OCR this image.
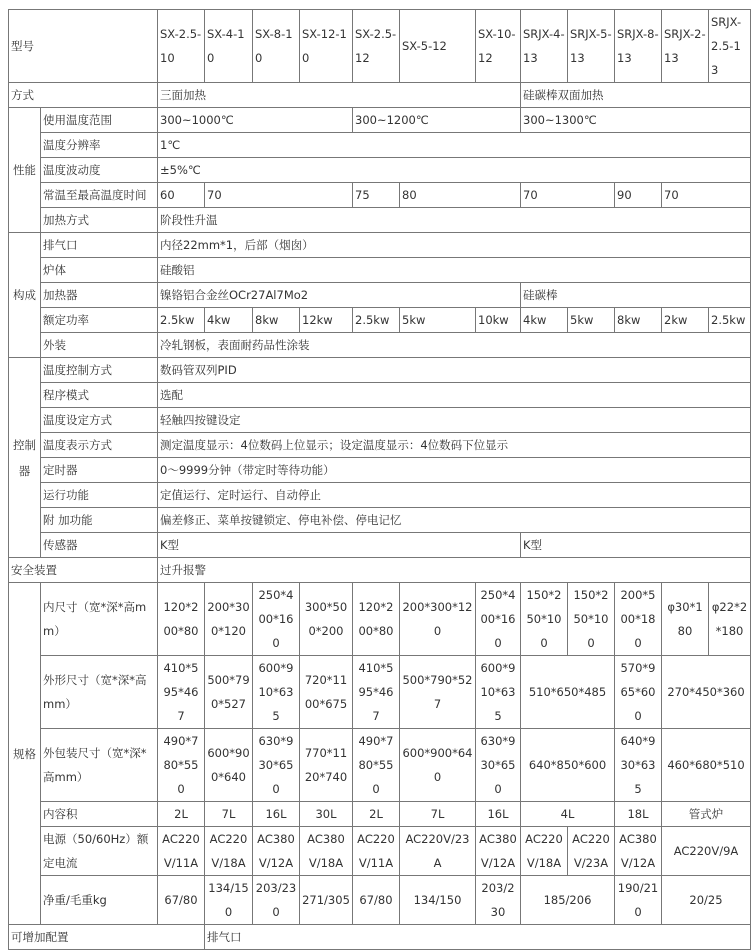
型号		SX-2.5-10	SX-4-10	SX-8-10	SX-12-10	SX-2.5-12	SX-5-12	SX-10-12	SRJX-4-13	SRJX-5-13	SRJX-8-13	SRJX-2-13	SRJX-2.5-13
方式		三面加热							硅碳棒双面加热				
性能	使用温度范围	300~1000℃				300~1200℃			300~1300℃				
	温度分辨率	1℃											
	温度波动度	±5%℃											
	常温至最高温度时间	60	70			75	80		70		90	70	
	加热方式	阶段性升温											
构成	排气口	内径22mm*1，后部（烟囱）											
	炉体	硅酸铝											
	加热器	镍铬铝合金丝OCr27Al7Mo2							硅碳棒				
	额定功率	2.5kw	4kw	8kw	12kw	2.5kw	5kw	10kw	4kw	5kw	8kw	2kw	2.5kw
	外装	冷轧钢板，表面耐药品性涂装											
控制器	温度控制方式	数码管双列PID											
	程序模式	选配											
	温度设定方式	轻触四按键设定											
	温度表示方式	测定温度显示：4位数码上位显示；设定温度显示：4位数码下位显示											
	定时器	0～9999分钟（带定时等待功能）											
	运行功能	定值运行、定时运行、自动停止											
	附 加功能	偏差修正、菜单按键锁定、停电补偿、停电记忆											
	传感器	K型							K型				
安全装置		过升报警											
规格	内尺寸（宽*深*高mm）	120*200*80	200*300*120	250*400*160	300*500*200	120*200*80	200*300*120	250*400*160	150*250*100	150*250*100	200*500*180	φ30*180	φ22*2*180
	外形尺寸（宽*深*高mm）	410*595*467	500*790*527	600*910*635	720*1100*675	410*595*467	500*790*527	600*910*635	510*650*485		570*965*600	270*450*360	
	外包装尺寸（宽*深*高mm）	490*780*550	600*900*640	630*930*650	770*1120*740	490*780*550	600*900*640	630*930*650	640*850*600		640*930*635	460*680*510	
	内容积	2L	7L	16L	30L	2L	7L	16L	4L		18L	管式炉	
	电源（50/60Hz）额定电流	AC220V/11A	AC220V/18A	AC380V/12A	AC380V/18A	AC220V/11A	AC220V/23A	AC380V/12A	AC220V/18A	AC220V/23A	AC380V/12A	AC220V/9A	
	净重/毛重kg	67/80	134/150	203/230	271/305	67/80	134/150	203/230	185/206		190/210	20/25	
可增加配置			排气口										
